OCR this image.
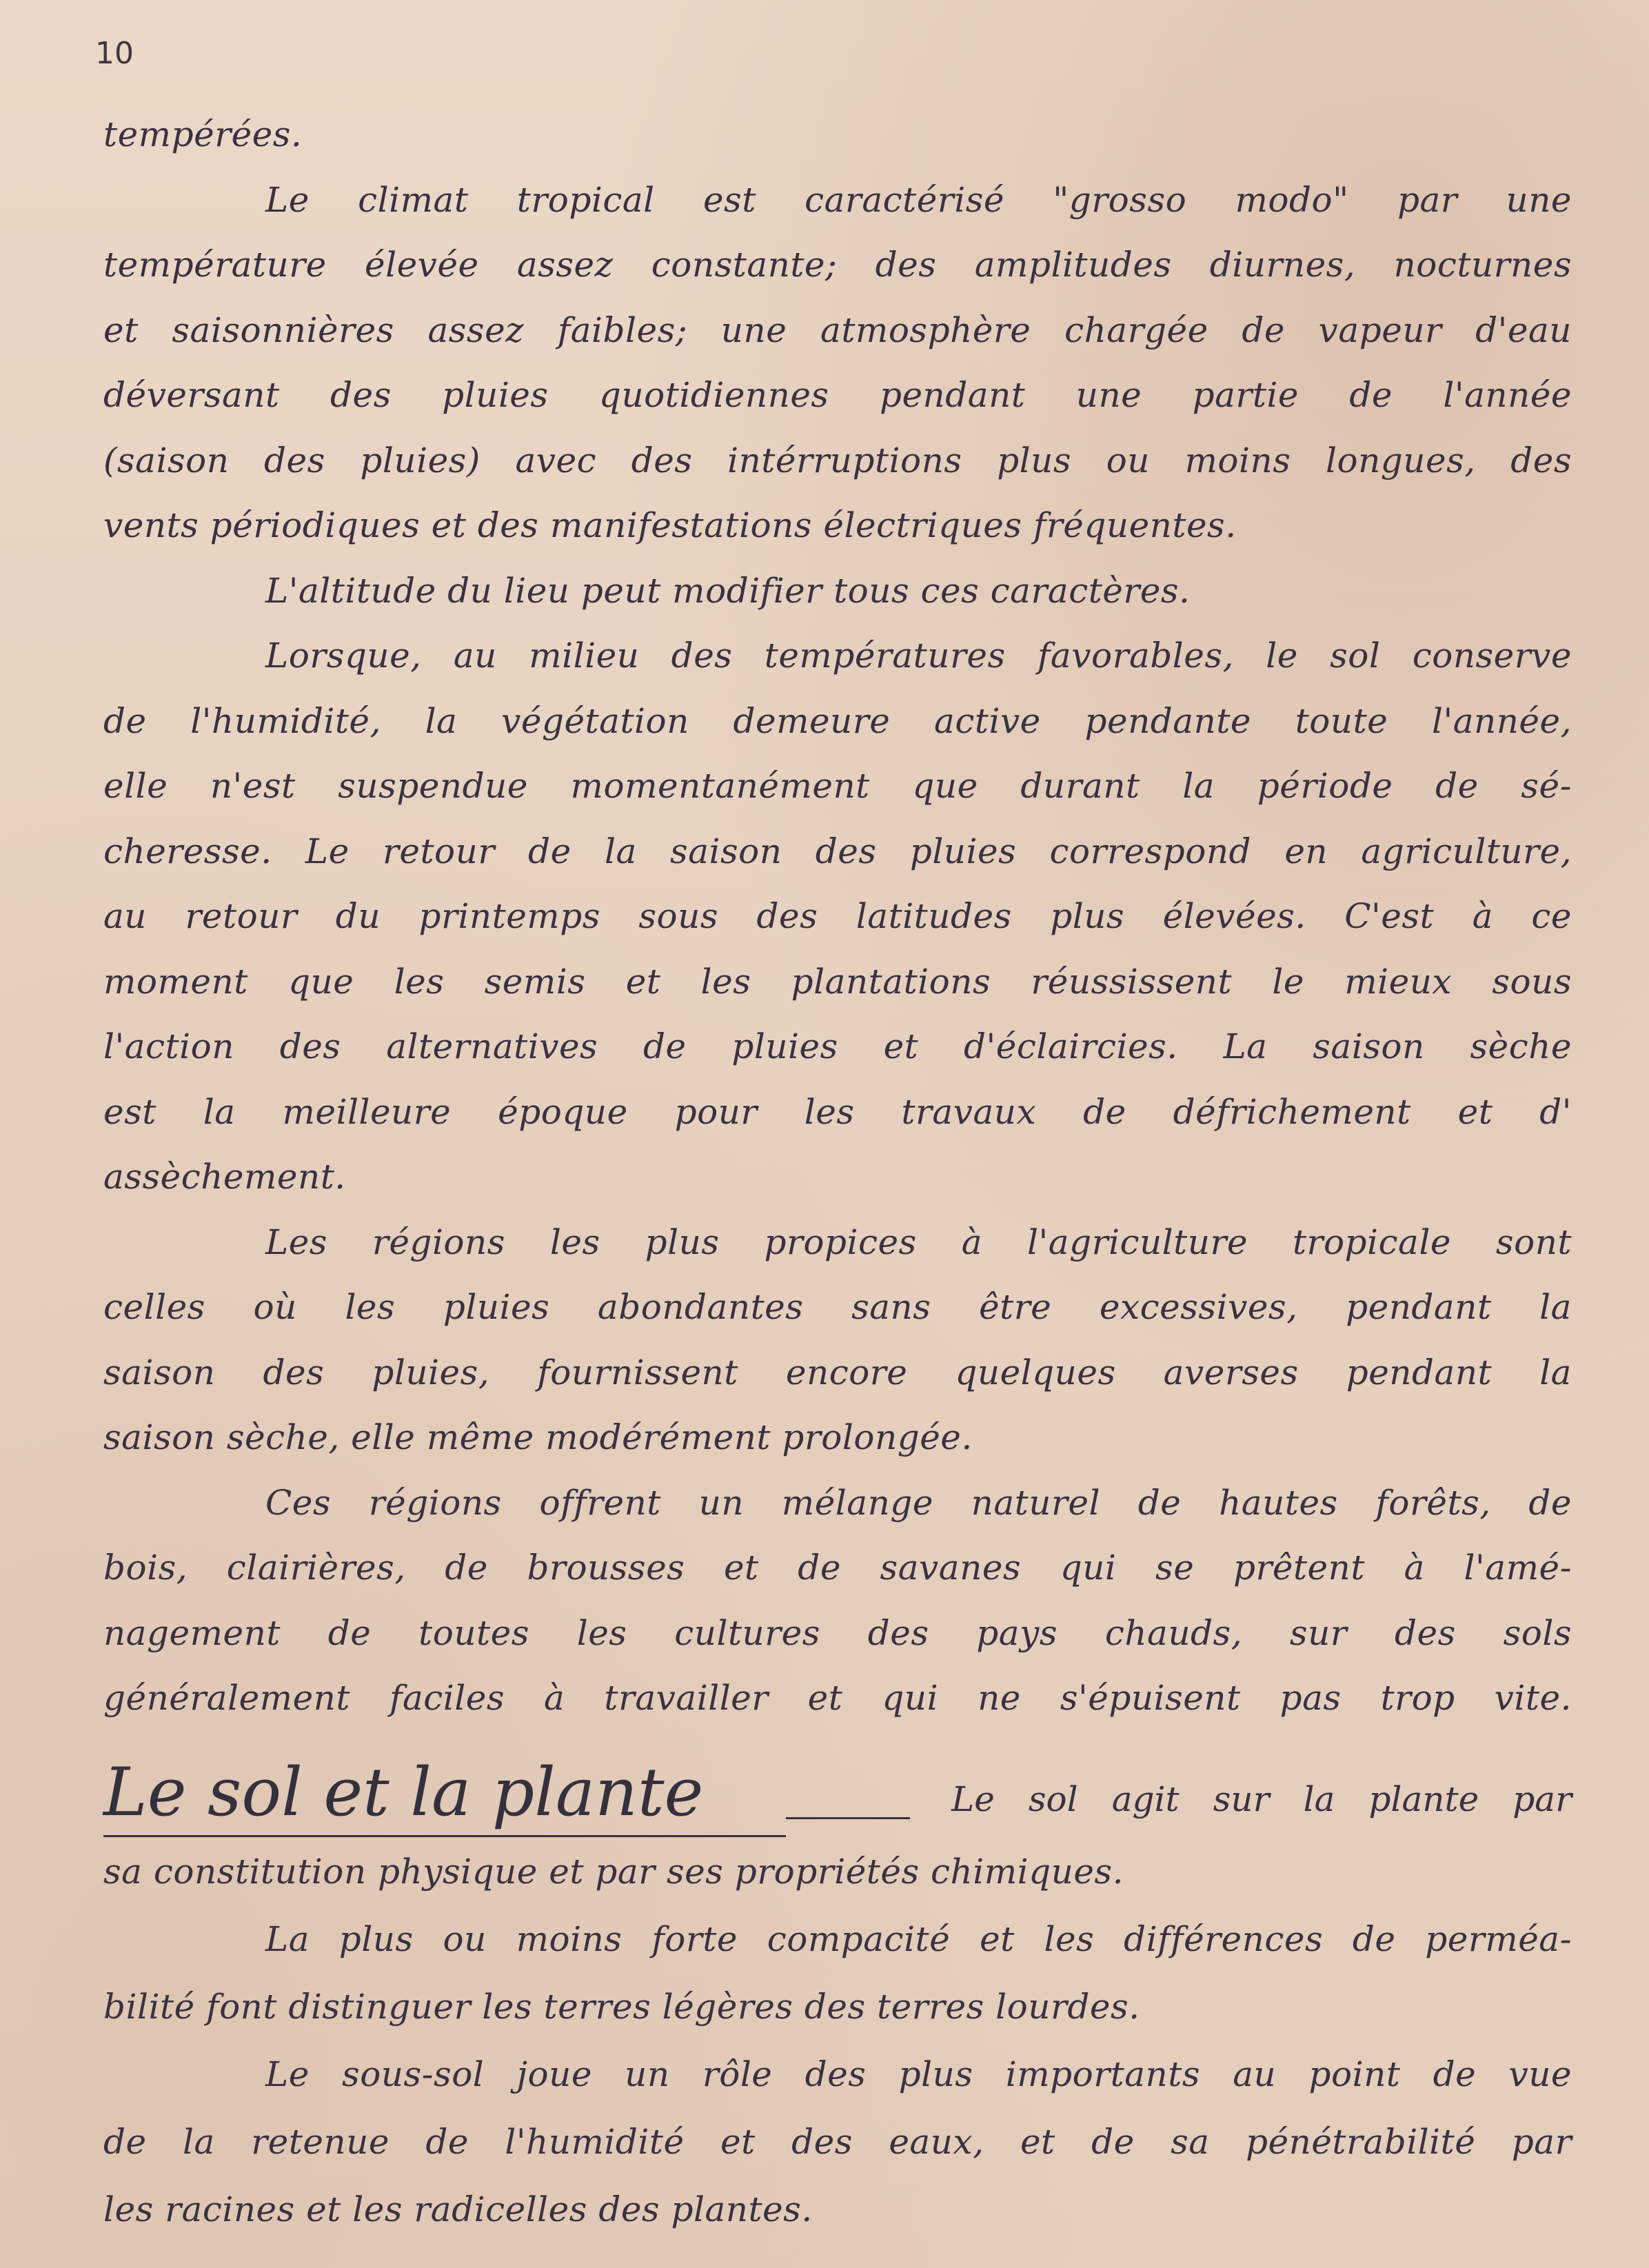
10
tempérées.
Le climat tropical est caractérisé "grosso modo" par une
température élevée assez constante; des amplitudes diurnes, nocturnes
et saisonnières assez faibles; une atmosphère chargée de vapeur d'eau
déversant des pluies quotidiennes pendant une partie de l'année
(saison des pluies) avec des intérruptions plus ou moins longues, des
vents périodiques et des manifestations électriques fréquentes.
L'altitude du lieu peut modifier tous ces caractères.
Lorsque, au milieu des températures favorables, le sol conserve
de l'humidité, la végétation demeure active pendante toute l'année,
elle n'est suspendue momentanément que durant la période de sé-
cheresse. Le retour de la saison des pluies correspond en agriculture,
au retour du printemps sous des latitudes plus élevées. C'est à ce
moment que les semis et les plantations réussissent le mieux sous
l'action des alternatives de pluies et d'éclaircies. La saison sèche
est la meilleure époque pour les travaux de défrichement et d'
assèchement.
Les régions les plus propices à l'agriculture tropicale sont
celles où les pluies abondantes sans être excessives, pendant la
saison des pluies, fournissent encore quelques averses pendant la
saison sèche, elle même modérément prolongée.
Ces régions offrent un mélange naturel de hautes forêts, de
bois, clairières, de brousses et de savanes qui se prêtent à l'amé-
nagement de toutes les cultures des pays chauds, sur des sols
généralement faciles à travailler et qui ne s'épuisent pas trop vite.
Le sol et la plante	Le sol agit sur la plante par
sa constitution physique et par ses propriétés chimiques.
La plus ou moins forte compacité et les différences de perméa-
bilité font distinguer les terres légères des terres lourdes.
Le sous-sol joue un rôle des plus importants au point de vue
de la retenue de l'humidité et des eaux, et de sa pénétrabilité par
les racines et les radicelles des plantes.
